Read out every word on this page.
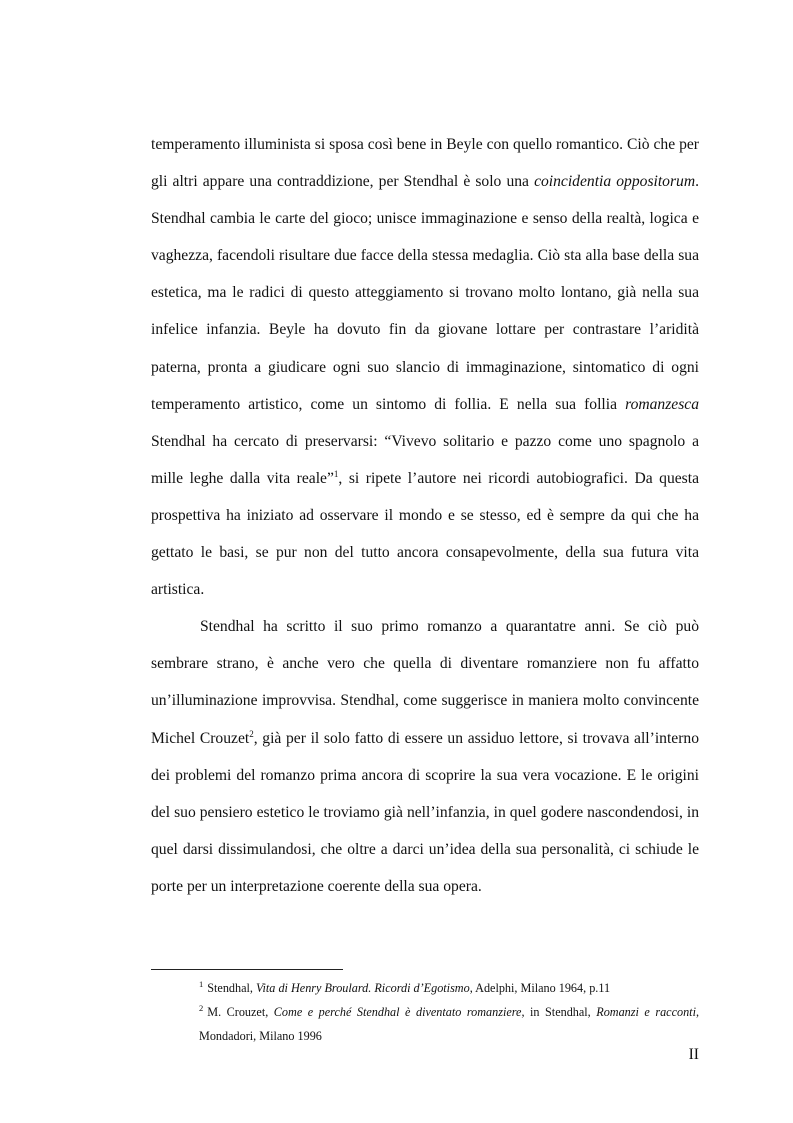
temperamento illuminista si sposa così bene in Beyle con quello romantico. Ciò che per gli altri appare una contraddizione, per Stendhal è solo una coincidentia oppositorum. Stendhal cambia le carte del gioco; unisce immaginazione e senso della realtà, logica e vaghezza, facendoli risultare due facce della stessa medaglia. Ciò sta alla base della sua estetica, ma le radici di questo atteggiamento si trovano molto lontano, già nella sua infelice infanzia. Beyle ha dovuto fin da giovane lottare per contrastare l’aridità paterna, pronta a giudicare ogni suo slancio di immaginazione, sintomatico di ogni temperamento artistico, come un sintomo di follia. E nella sua follia romanzesca Stendhal ha cercato di preservarsi: “Vivevo solitario e pazzo come uno spagnolo a mille leghe dalla vita reale”$^1$, si ripete l’autore nei ricordi autobiografici. Da questa prospettiva ha iniziato ad osservare il mondo e se stesso, ed è sempre da qui che ha gettato le basi, se pur non del tutto ancora consapevolmente, della sua futura vita artistica.

Stendhal ha scritto il suo primo romanzo a quarantatre anni. Se ciò può sembrare strano, è anche vero che quella di diventare romanziere non fu affatto un’illuminazione improvvisa. Stendhal, come suggerisce in maniera molto convincente Michel Crouzet$^2$, già per il solo fatto di essere un assiduo lettore, si trovava all’interno dei problemi del romanzo prima ancora di scoprire la sua vera vocazione. E le origini del suo pensiero estetico le troviamo già nell’infanzia, in quel godere nascondendosi, in quel darsi dissimulandosi, che oltre a darci un’idea della sua personalità, ci schiude le porte per un interpretazione coerente della sua opera.

$^1$ Stendhal, Vita di Henry Broulard. Ricordi d’Egotismo, Adelphi, Milano 1964, p.11

$^2$ M. Crouzet, Come e perché Stendhal è diventato romanziere, in Stendhal, Romanzi e racconti, Mondadori, Milano 1996

II
